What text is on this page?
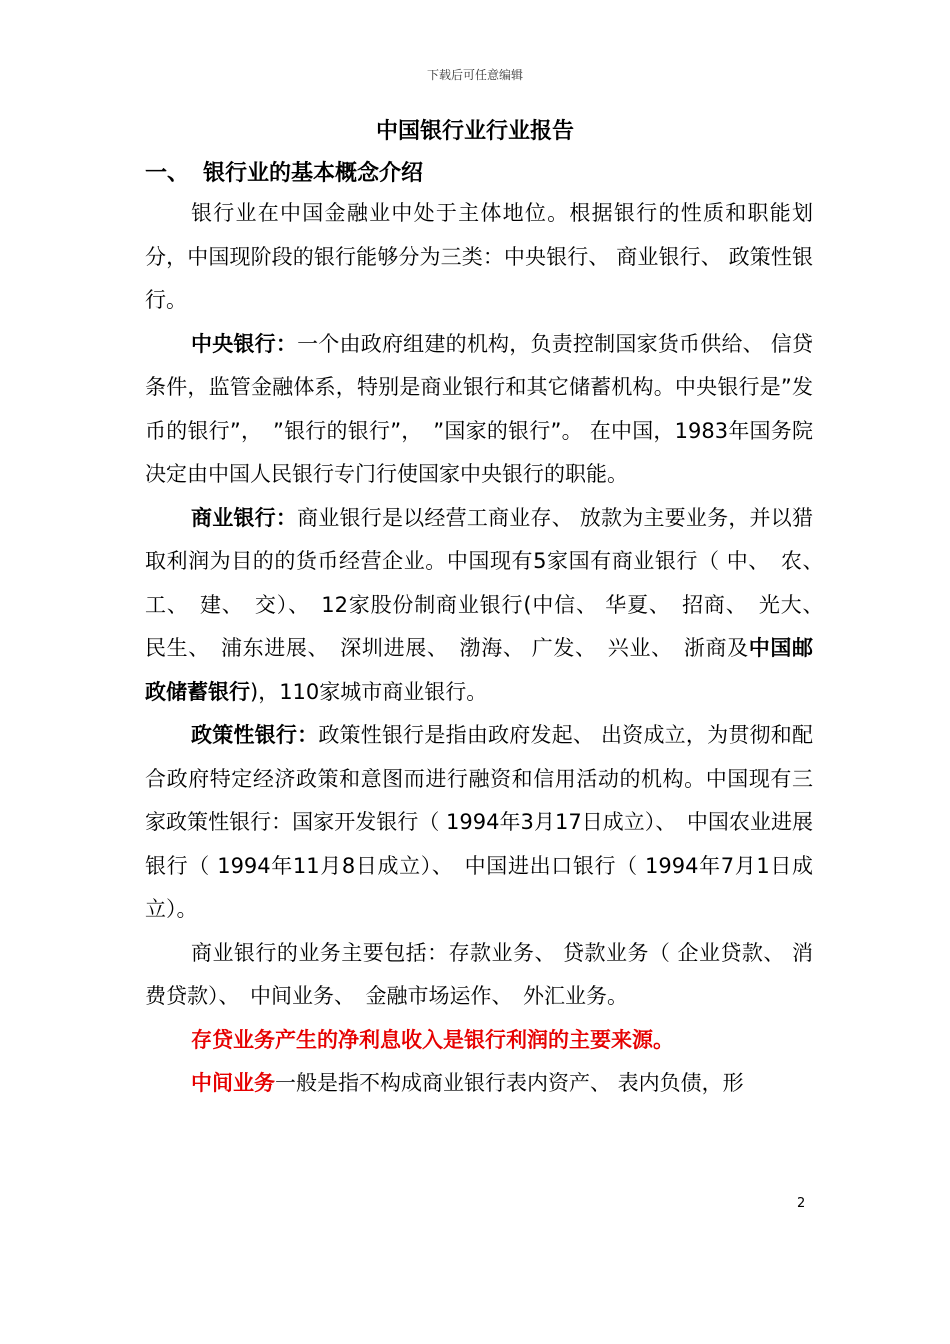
下载后可任意编辑
中国银行业行业报告
一、 银行业的基本概念介绍

银行业在中国金融业中处于主体地位。根据银行的性质和职能划分，中国现阶段的银行能够分为三类：中央银行、 商业银行、 政策性银行。

中央银行：一个由政府组建的机构，负责控制国家货币供给、 信贷条件，监管金融体系，特别是商业银行和其它储蓄机构。中央银行是”发币的银行”，　”银行的银行”，　”国家的银行”。 在中国，1983年国务院决定由中国人民银行专门行使国家中央银行的职能。

商业银行：商业银行是以经营工商业存、 放款为主要业务，并以猎取利润为目的的货币经营企业。中国现有5家国有商业银行（ 中、　农、　工、　建、　交）、　12家股份制商业银行(中信、 华夏、　招商、　光大、　民生、　浦东进展、　深圳进展、　渤海、 广发、　兴业、　浙商及中国邮政储蓄银行)，110家城市商业银行。

政策性银行：政策性银行是指由政府发起、 出资成立，为贯彻和配合政府特定经济政策和意图而进行融资和信用活动的机构。中国现有三家政策性银行：国家开发银行（ 1994年3月17日成立）、　中国农业进展银行（ 1994年11月8日成立）、　中国进出口银行（ 1994年7月1日成立）。

商业银行的业务主要包括：存款业务、 贷款业务（ 企业贷款、 消费贷款）、　中间业务、　金融市场运作、　外汇业务。

存贷业务产生的净利息收入是银行利润的主要来源。

中间业务一般是指不构成商业银行表内资产、 表内负债，形

2
